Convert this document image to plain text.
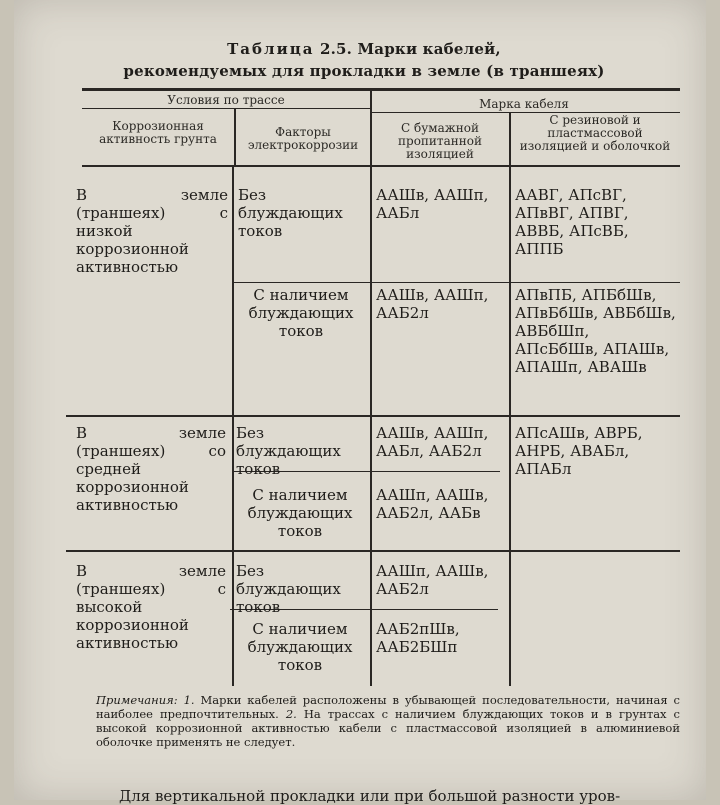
Таблица 2.5. Марки кабелей,
рекомендуемых для прокладки в земле (в траншеях)
Условия по трассе	Марка кабеля
Коррозионная активность грунта	Факторы электрокоррозии
С бумажной пропитанной изоляцией
С резиновой и пластмассовой изоляцией и оболочкой
В земле (траншеях) с низкой коррозионной активностью
Без блуждающих токов
ААШв, ААШп, ААБл
ААВГ, АПсВГ, АПвВГ, АПВГ, АВВБ, АПсВБ, АППБ
С наличием блуждающих токов
ААШв, ААШп, ААБ2л
АПвПБ, АПБбШв, АПвБбШв, АВБбШв, АВБбШп, АПсБбШв, АПАШв, АПАШп, АВАШв
В земле (траншеях) со средней коррозионной активностью
Без блуждающих токов
ААШв, ААШп, ААБл, ААБ2л
АПсАШв, АВРБ, АНРБ, АВАБл, АПАБл
С наличием блуждающих токов
ААШп, ААШв, ААБ2л, ААБв
В земле (траншеях) с высокой коррозионной активностью
Без блуждающих токов
ААШп, ААШв, ААБ2л
С наличием блуждающих токов
ААБ2пШв, ААБ2БШп
Примечания: 1. Марки кабелей расположены в убывающей последовательности, начиная с наиболее предпочтительных. 2. На трассах с наличием блуждающих токов и в грунтах с высокой коррозионной активностью кабели с пластмассовой изоляцией в алюминиевой оболочке применять не следует.
Для вертикальной прокладки или при большой разности уров-
